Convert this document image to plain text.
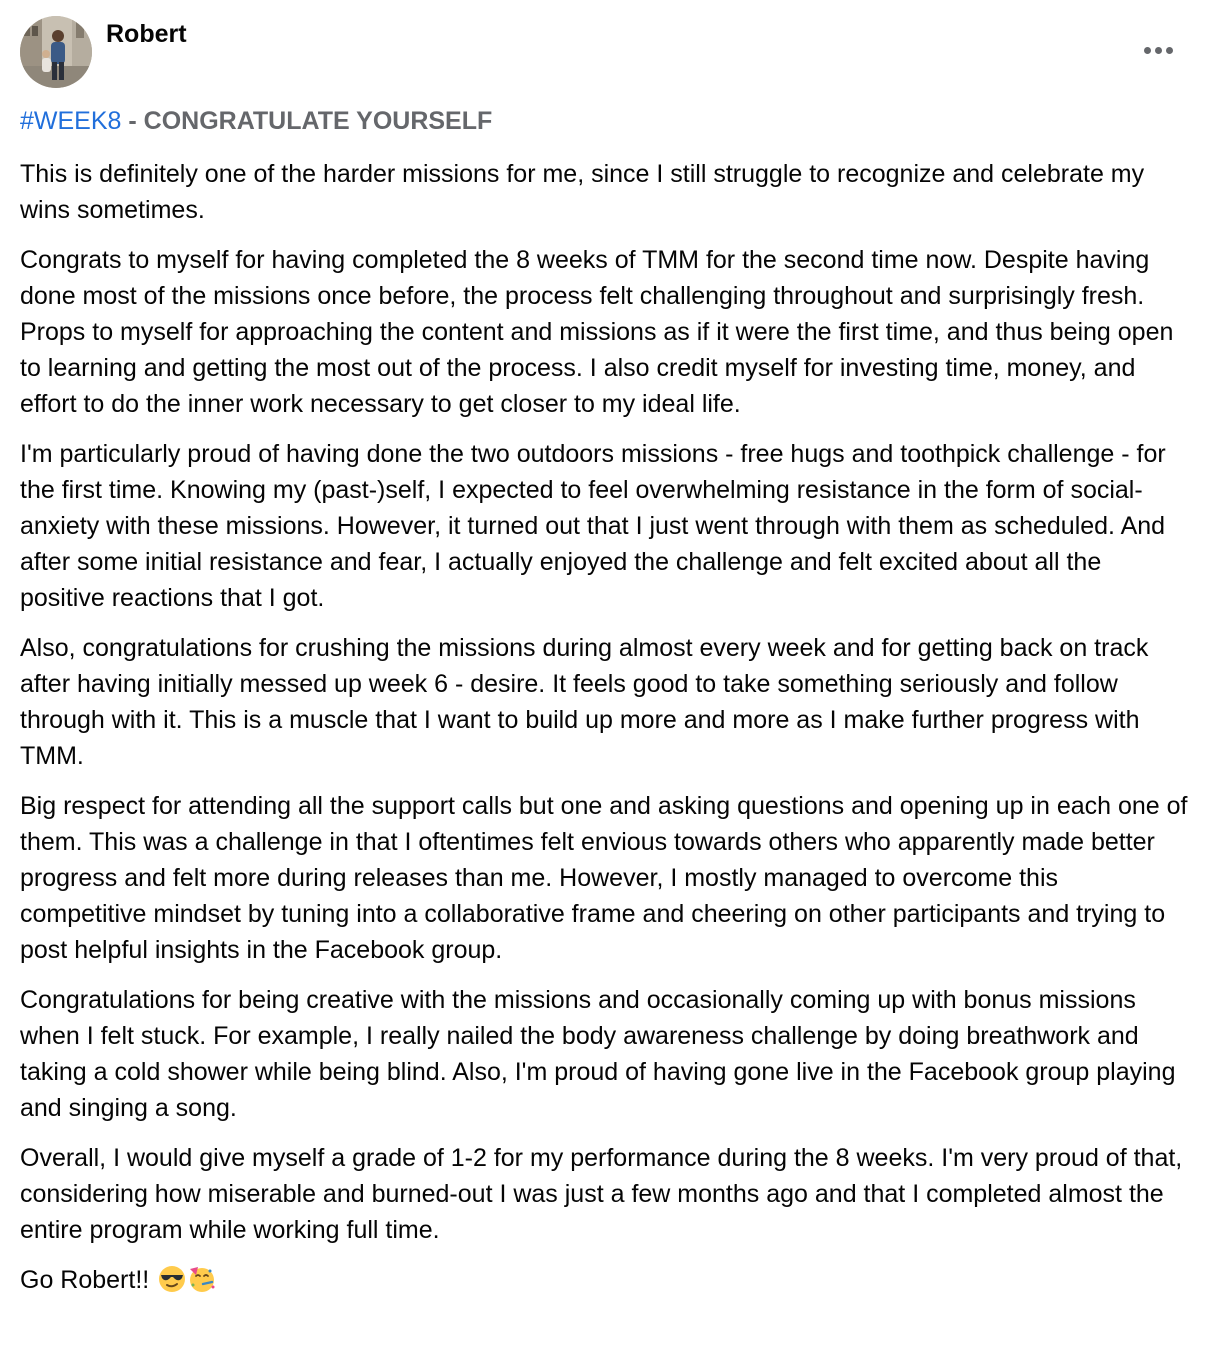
Robert
#WEEK8 - CONGRATULATE YOURSELF

This is definitely one of the harder missions for me, since I still struggle to recognize and celebrate my wins sometimes.

Congrats to myself for having completed the 8 weeks of TMM for the second time now. Despite having done most of the missions once before, the process felt challenging throughout and surprisingly fresh. Props to myself for approaching the content and missions as if it were the first time, and thus being open to learning and getting the most out of the process. I also credit myself for investing time, money, and effort to do the inner work necessary to get closer to my ideal life.

I'm particularly proud of having done the two outdoors missions - free hugs and toothpick challenge - for the first time. Knowing my (past-)self, I expected to feel overwhelming resistance in the form of social-anxiety with these missions. However, it turned out that I just went through with them as scheduled. And after some initial resistance and fear, I actually enjoyed the challenge and felt excited about all the positive reactions that I got.

Also, congratulations for crushing the missions during almost every week and for getting back on track after having initially messed up week 6 - desire. It feels good to take something seriously and follow through with it. This is a muscle that I want to build up more and more as I make further progress with TMM.

Big respect for attending all the support calls but one and asking questions and opening up in each one of them. This was a challenge in that I oftentimes felt envious towards others who apparently made better progress and felt more during releases than me. However, I mostly managed to overcome this competitive mindset by tuning into a collaborative frame and cheering on other participants and trying to post helpful insights in the Facebook group.

Congratulations for being creative with the missions and occasionally coming up with bonus missions when I felt stuck. For example, I really nailed the body awareness challenge by doing breathwork and taking a cold shower while being blind. Also, I'm proud of having gone live in the Facebook group playing and singing a song.

Overall, I would give myself a grade of 1-2 for my performance during the 8 weeks. I'm very proud of that, considering how miserable and burned-out I was just a few months ago and that I completed almost the entire program while working full time.

Go Robert!!
